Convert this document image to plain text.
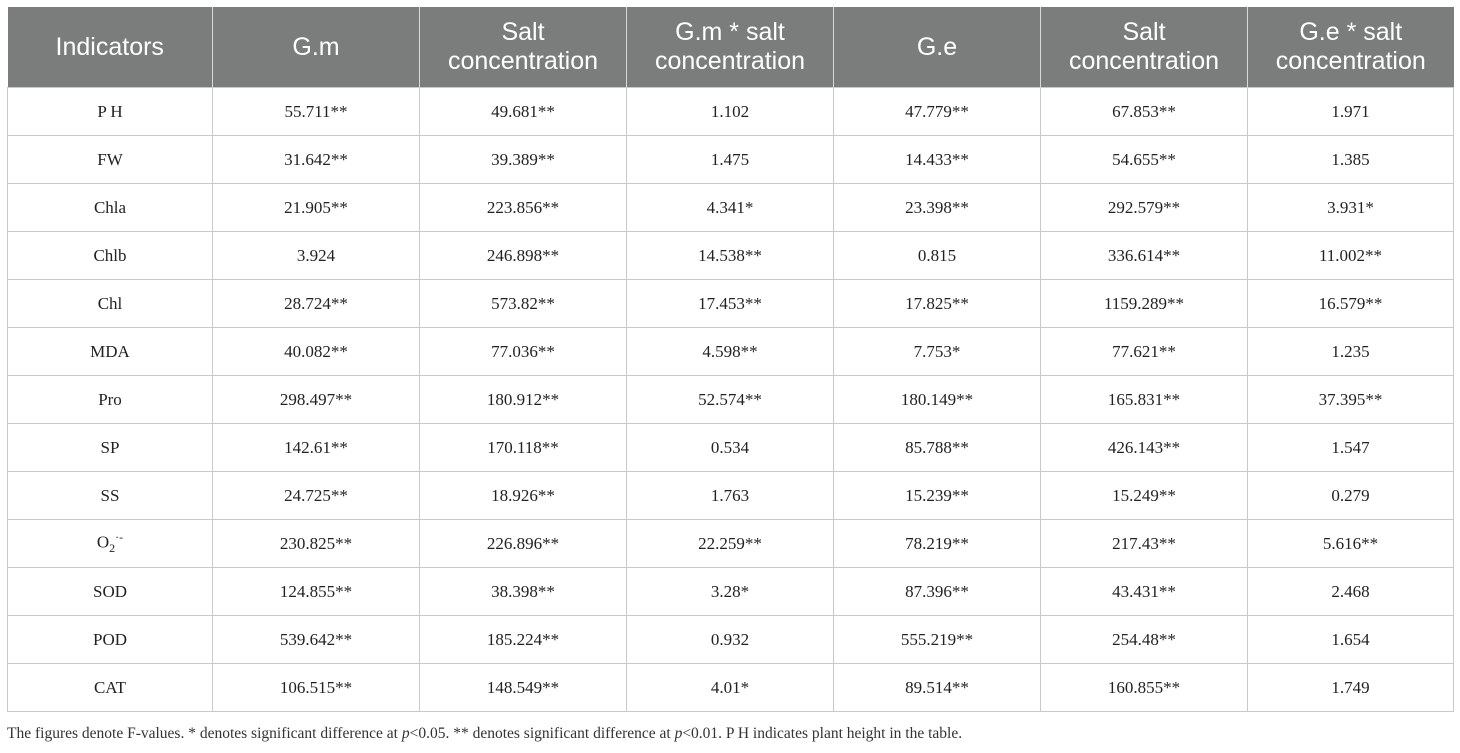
Indicators	G.m	Salt concentration	G.m * salt concentration	G.e	Salt concentration	G.e * salt concentration
P H	55.711**	49.681**	1.102	47.779**	67.853**	1.971
FW	31.642**	39.389**	1.475	14.433**	54.655**	1.385
Chla	21.905**	223.856**	4.341*	23.398**	292.579**	3.931*
Chlb	3.924	246.898**	14.538**	0.815	336.614**	11.002**
Chl	28.724**	573.82**	17.453**	17.825**	1159.289**	16.579**
MDA	40.082**	77.036**	4.598**	7.753*	77.621**	1.235
Pro	298.497**	180.912**	52.574**	180.149**	165.831**	37.395**
SP	142.61**	170.118**	0.534	85.788**	426.143**	1.547
SS	24.725**	18.926**	1.763	15.239**	15.249**	0.279
$O_2^{\cdot-}$	230.825**	226.896**	22.259**	78.219**	217.43**	5.616**
SOD	124.855**	38.398**	3.28*	87.396**	43.431**	2.468
POD	539.642**	185.224**	0.932	555.219**	254.48**	1.654
CAT	106.515**	148.549**	4.01*	89.514**	160.855**	1.749
The figures denote F-values. * denotes significant difference at p<0.05. ** denotes significant difference at p<0.01. P H indicates plant height in the table.
